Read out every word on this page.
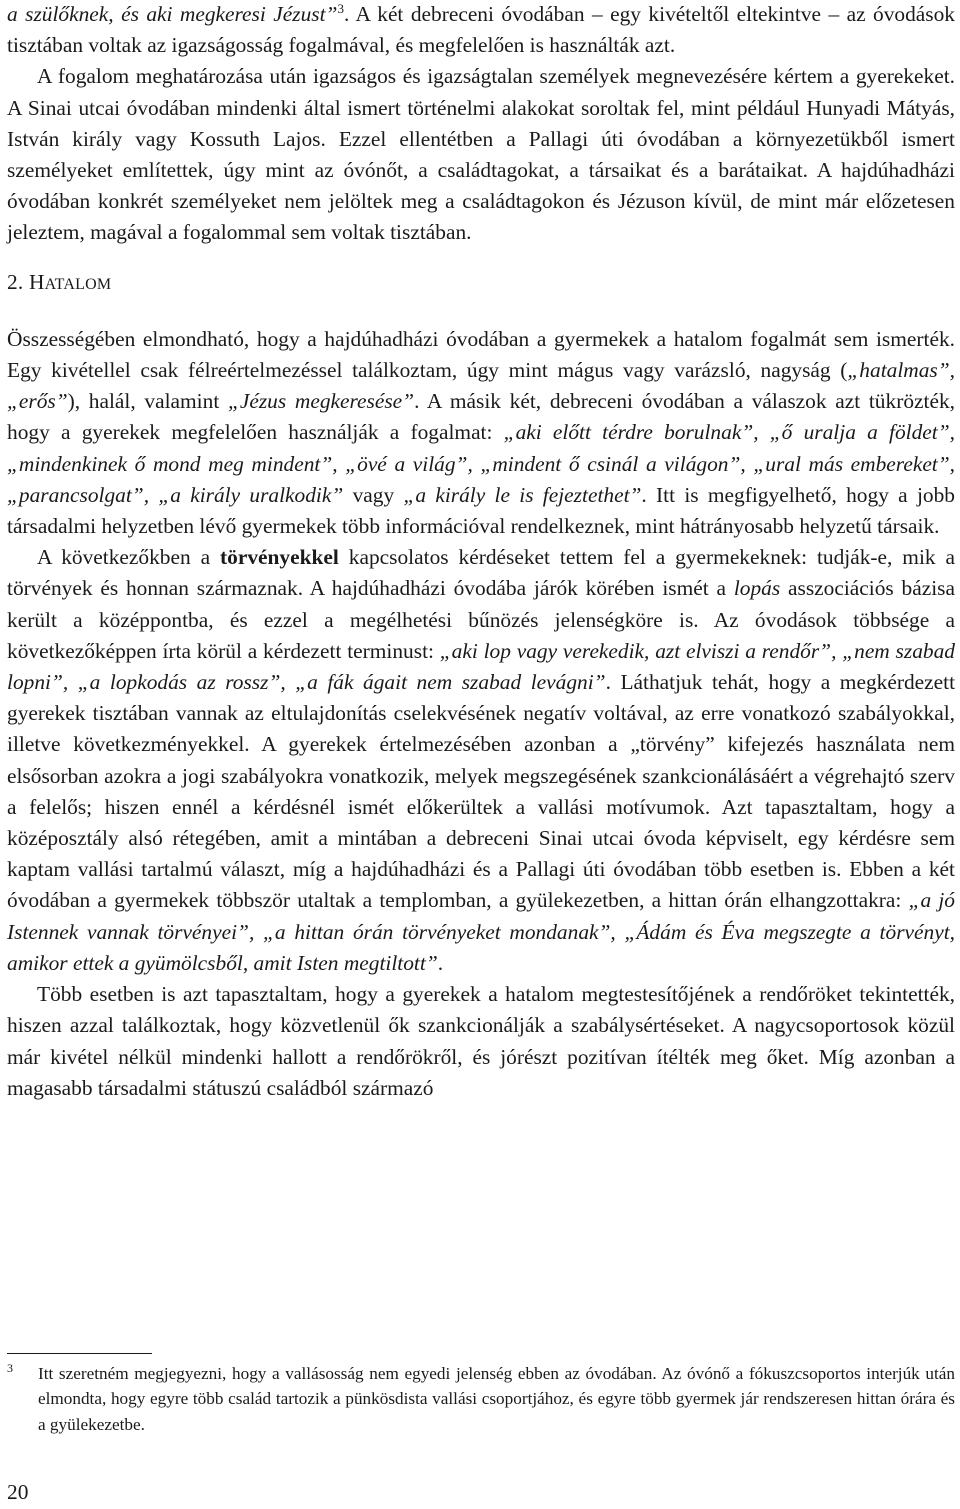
a szülőknek, és aki megkeresi Jézust”$^3$. A két debreceni óvodában – egy kivételtől eltekintve – az óvodások tisztában voltak az igazságosság fogalmával, és megfelelően is használták azt.

A fogalom meghatározása után igazságos és igazságtalan személyek megnevezésére kértem a gyerekeket. A Sinai utcai óvodában mindenki által ismert történelmi alakokat soroltak fel, mint például Hunyadi Mátyás, István király vagy Kossuth Lajos. Ezzel ellentétben a Pallagi úti óvodában a környezetükből ismert személyeket említettek, úgy mint az óvónőt, a családtagokat, a társaikat és a barátaikat. A hajdúhadházi óvodában konkrét személyeket nem jelöltek meg a családtagokon és Jézuson kívül, de mint már előzetesen jeleztem, magával a fogalommal sem voltak tisztában.

2. HATALOM

Összességében elmondható, hogy a hajdúhadházi óvodában a gyermekek a hatalom fogalmát sem ismerték. Egy kivétellel csak félreértelmezéssel találkoztam, úgy mint mágus vagy varázsló, nagyság („hatalmas”, „erős”), halál, valamint „Jézus megkeresése”. A másik két, debreceni óvodában a válaszok azt tükrözték, hogy a gyerekek megfelelően használják a fogalmat: „aki előtt térdre borulnak”, „ő uralja a földet”, „mindenkinek ő mond meg mindent”, „övé a világ”, „mindent ő csinál a világon”, „ural más embereket”, „parancsolgat”, „a király uralkodik” vagy „a király le is fejeztethet”. Itt is megfigyelhető, hogy a jobb társadalmi helyzetben lévő gyermekek több információval rendelkeznek, mint hátrányosabb helyzetű társaik.

A következőkben a törvényekkel kapcsolatos kérdéseket tettem fel a gyermekeknek: tudják-e, mik a törvények és honnan származnak. A hajdúhadházi óvodába járók körében ismét a lopás asszociációs bázisa került a középpontba, és ezzel a megélhetési bűnözés jelenségköre is. Az óvodások többsége a következőképpen írta körül a kérdezett terminust: „aki lop vagy verekedik, azt elviszi a rendőr”, „nem szabad lopni”, „a lopkodás az rossz”, „a fák ágait nem szabad levágni”. Láthatjuk tehát, hogy a megkérdezett gyerekek tisztában vannak az eltulajdonítás cselekvésének negatív voltával, az erre vonatkozó szabályokkal, illetve következményekkel. A gyerekek értelmezésében azonban a „törvény” kifejezés használata nem elsősorban azokra a jogi szabályokra vonatkozik, melyek megszegésének szankcionálásáért a végrehajtó szerv a felelős; hiszen ennél a kérdésnél ismét előkerültek a vallási motívumok. Azt tapasztaltam, hogy a középosztály alsó rétegében, amit a mintában a debreceni Sinai utcai óvoda képviselt, egy kérdésre sem kaptam vallási tartalmú választ, míg a hajdúhadházi és a Pallagi úti óvodában több esetben is. Ebben a két óvodában a gyermekek többször utaltak a templomban, a gyülekezetben, a hittan órán elhangzottakra: „a jó Istennek vannak törvényei”, „a hittan órán törvényeket mondanak”, „Ádám és Éva megszegte a törvényt, amikor ettek a gyümölcsből, amit Isten megtiltott”.

Több esetben is azt tapasztaltam, hogy a gyerekek a hatalom megtestesítőjének a rendőröket tekintették, hiszen azzal találkoztak, hogy közvetlenül ők szankcionálják a szabálysértéseket. A nagycsoportosok közül már kivétel nélkül mindenki hallott a rendőrökről, és jórészt pozitívan ítélték meg őket. Míg azonban a magasabb társadalmi státuszú családból származó

3 Itt szeretném megjegyezni, hogy a vallásosság nem egyedi jelenség ebben az óvodában. Az óvónő a fókuszcsoportos interjúk után elmondta, hogy egyre több család tartozik a pünkösdista vallási csoportjához, és egyre több gyermek jár rendszeresen hittan órára és a gyülekezetbe.
20
